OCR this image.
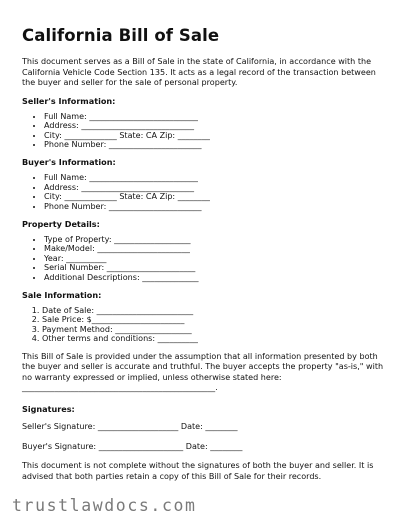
California Bill of Sale

This document serves as a Bill of Sale in the state of California, in accordance with the California Vehicle Code Section 135. It acts as a legal record of the transaction between the buyer and seller for the sale of personal property.

Seller's Information:
• Full Name: ___________________________
• Address: ____________________________
• City: _____________ State: CA Zip: ________
• Phone Number: _______________________
Buyer's Information:
• Full Name: ___________________________
• Address: ____________________________
• City: _____________ State: CA Zip: ________
• Phone Number: _______________________
Property Details:
• Type of Property: ___________________
• Make/Model: _______________________
• Year: __________
• Serial Number: ______________________
• Additional Descriptions: ______________
Sale Information:
1. Date of Sale: ________________________
2. Sale Price: $_______________________
3. Payment Method: ___________________
4. Other terms and conditions: __________

This Bill of Sale is provided under the assumption that all information presented by both the buyer and seller is accurate and truthful. The buyer accepts the property "as-is," with no warranty expressed or implied, unless otherwise stated here: ________________________________________________.

Signatures:

Seller's Signature: ____________________ Date: ________

Buyer's Signature: _____________________ Date: ________

This document is not complete without the signatures of both the buyer and seller. It is advised that both parties retain a copy of this Bill of Sale for their records.

trustlawdocs.com
